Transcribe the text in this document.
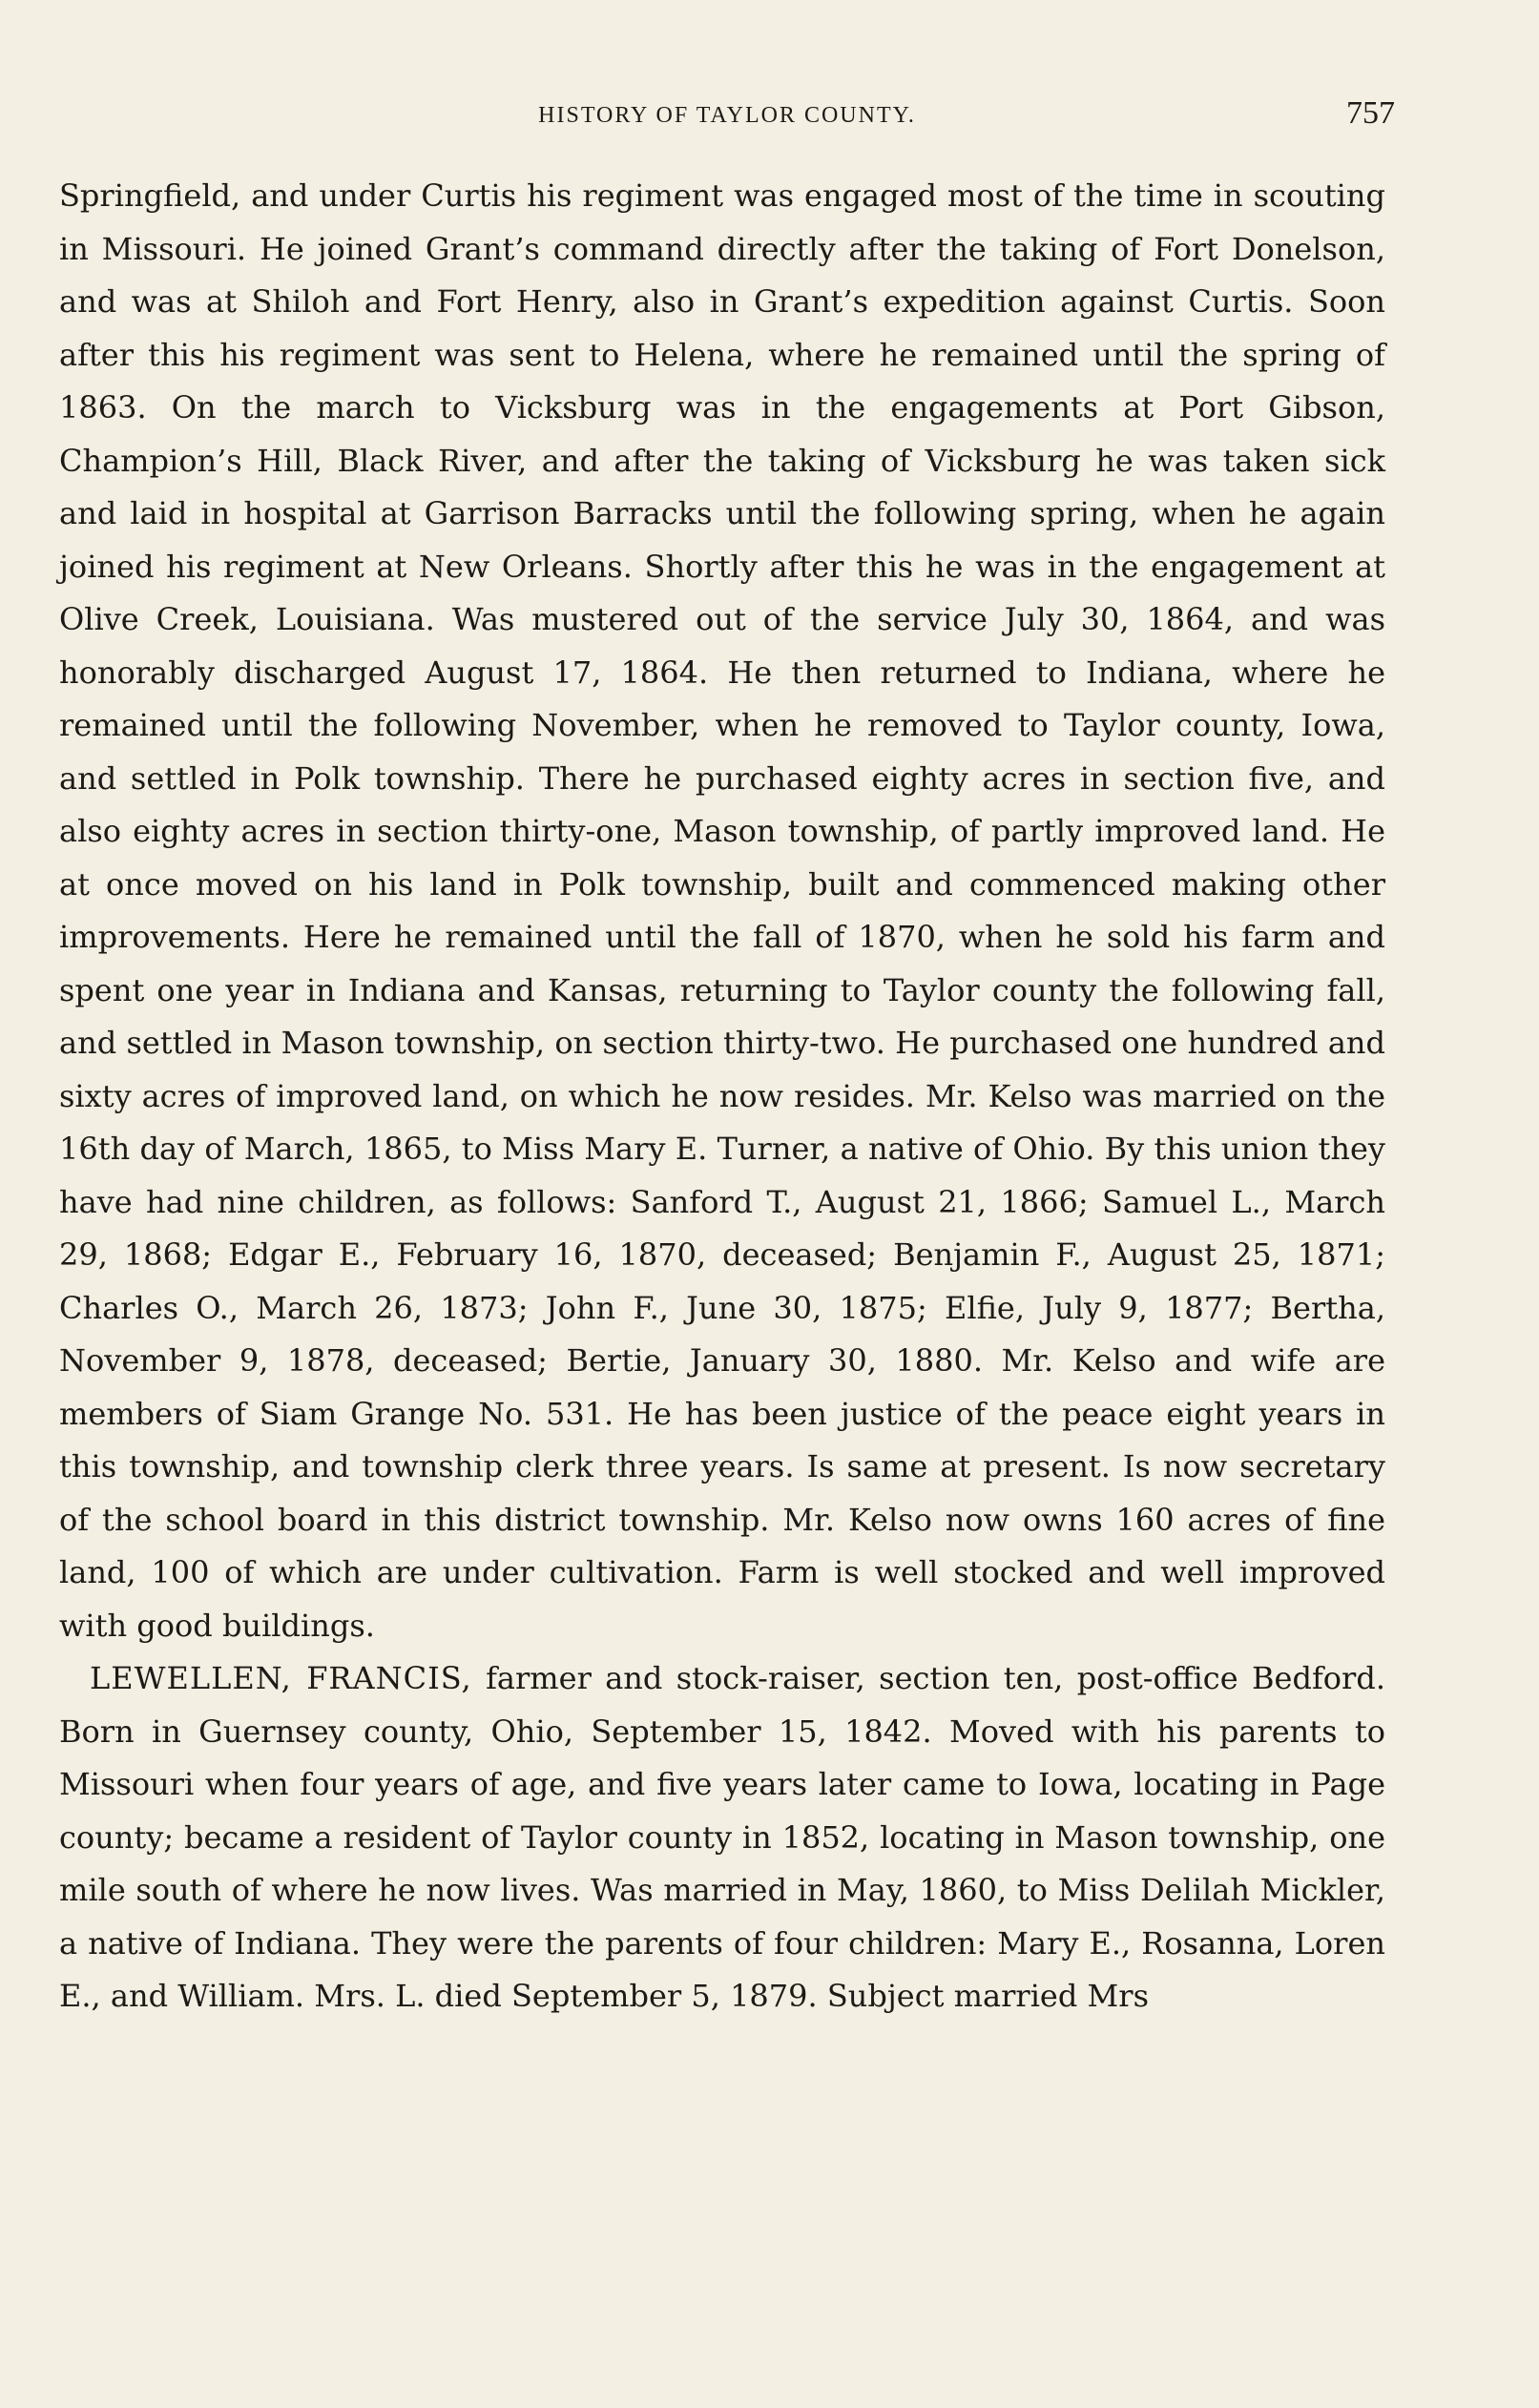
HISTORY OF TAYLOR COUNTY.	757

Springfield, and under Curtis his regiment was engaged most of the time in scouting in Missouri. He joined Grant’s command directly after the taking of Fort Donelson, and was at Shiloh and Fort Henry, also in Grant’s expedition against Curtis. Soon after this his regiment was sent to Helena, where he remained until the spring of 1863. On the march to Vicksburg was in the engagements at Port Gibson, Champion’s Hill, Black River, and after the taking of Vicksburg he was taken sick and laid in hospital at Garrison Barracks until the following spring, when he again joined his regiment at New Orleans. Shortly after this he was in the engagement at Olive Creek, Louisiana. Was mustered out of the service July 30, 1864, and was honorably discharged August 17, 1864. He then returned to Indiana, where he remained until the following November, when he removed to Taylor county, Iowa, and settled in Polk township. There he purchased eighty acres in section five, and also eighty acres in section thirty-one, Mason township, of partly improved land. He at once moved on his land in Polk township, built and commenced making other improvements. Here he remained until the fall of 1870, when he sold his farm and spent one year in Indiana and Kansas, returning to Taylor county the following fall, and settled in Mason township, on section thirty-two. He purchased one hundred and sixty acres of improved land, on which he now resides. Mr. Kelso was married on the 16th day of March, 1865, to Miss Mary E. Turner, a native of Ohio. By this union they have had nine children, as follows: Sanford T., August 21, 1866; Samuel L., March 29, 1868; Edgar E., February 16, 1870, deceased; Benjamin F., August 25, 1871; Charles O., March 26, 1873; John F., June 30, 1875; Elfie, July 9, 1877; Bertha, November 9, 1878, deceased; Bertie, January 30, 1880. Mr. Kelso and wife are members of Siam Grange No. 531. He has been justice of the peace eight years in this township, and township clerk three years. Is same at present. Is now secretary of the school board in this district township. Mr. Kelso now owns 160 acres of fine land, 100 of which are under cultivation. Farm is well stocked and well improved with good buildings.

LEWELLEN, FRANCIS, farmer and stock-raiser, section ten, post-office Bedford. Born in Guernsey county, Ohio, September 15, 1842. Moved with his parents to Missouri when four years of age, and five years later came to Iowa, locating in Page county; became a resident of Taylor county in 1852, locating in Mason township, one mile south of where he now lives. Was married in May, 1860, to Miss Delilah Mickler, a native of Indiana. They were the parents of four children: Mary E., Rosanna, Loren E., and William. Mrs. L. died September 5, 1879. Subject married Mrs
